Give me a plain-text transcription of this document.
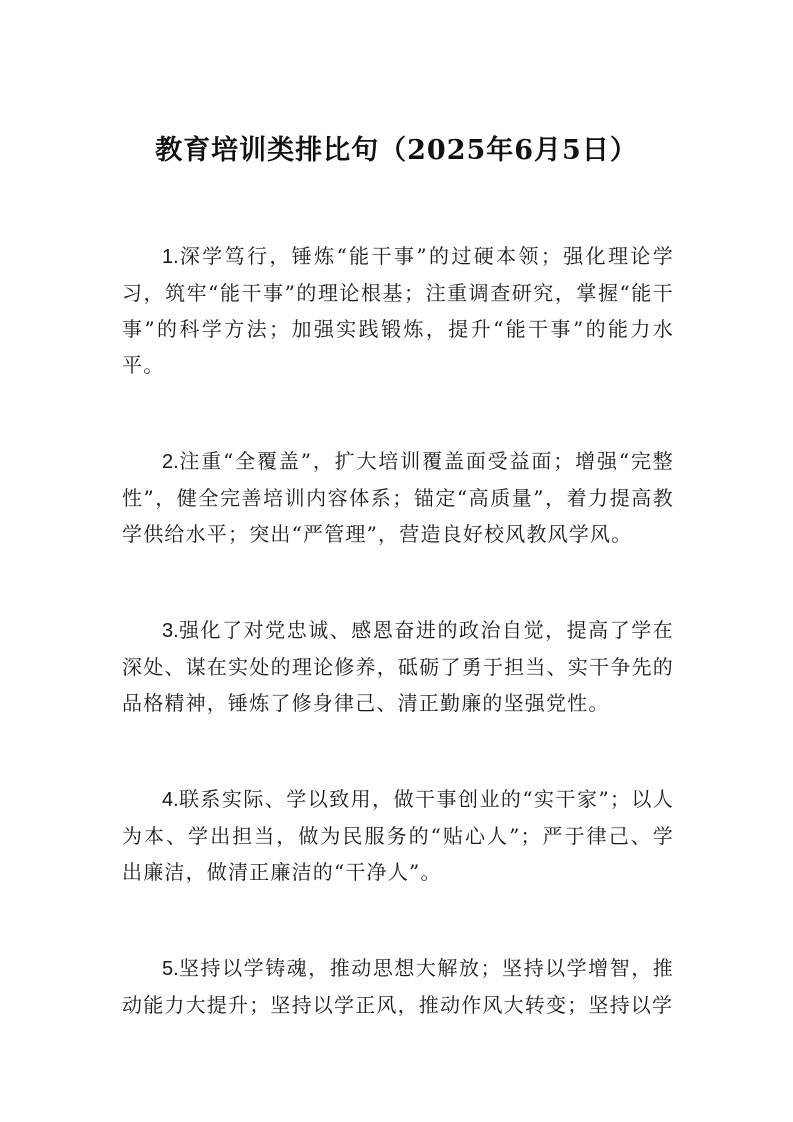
教育培训类排比句（2025年6月5日）

1.深学笃行，锤炼“能干事”的过硬本领；强化理论学习，筑牢“能干事”的理论根基；注重调查研究，掌握“能干事”的科学方法；加强实践锻炼，提升“能干事”的能力水平。

2.注重“全覆盖”，扩大培训覆盖面受益面；增强“完整性”，健全完善培训内容体系；锚定“高质量”，着力提高教学供给水平；突出“严管理”，营造良好校风教风学风。

3.强化了对党忠诚、感恩奋进的政治自觉，提高了学在深处、谋在实处的理论修养，砥砺了勇于担当、实干争先的品格精神，锤炼了修身律己、清正勤廉的坚强党性。

4.联系实际、学以致用，做干事创业的“实干家”；以人为本、学出担当，做为民服务的“贴心人”；严于律己、学出廉洁，做清正廉洁的“干净人”。

5.坚持以学铸魂，推动思想大解放；坚持以学增智，推动能力大提升；坚持以学正风，推动作风大转变；坚持以学
